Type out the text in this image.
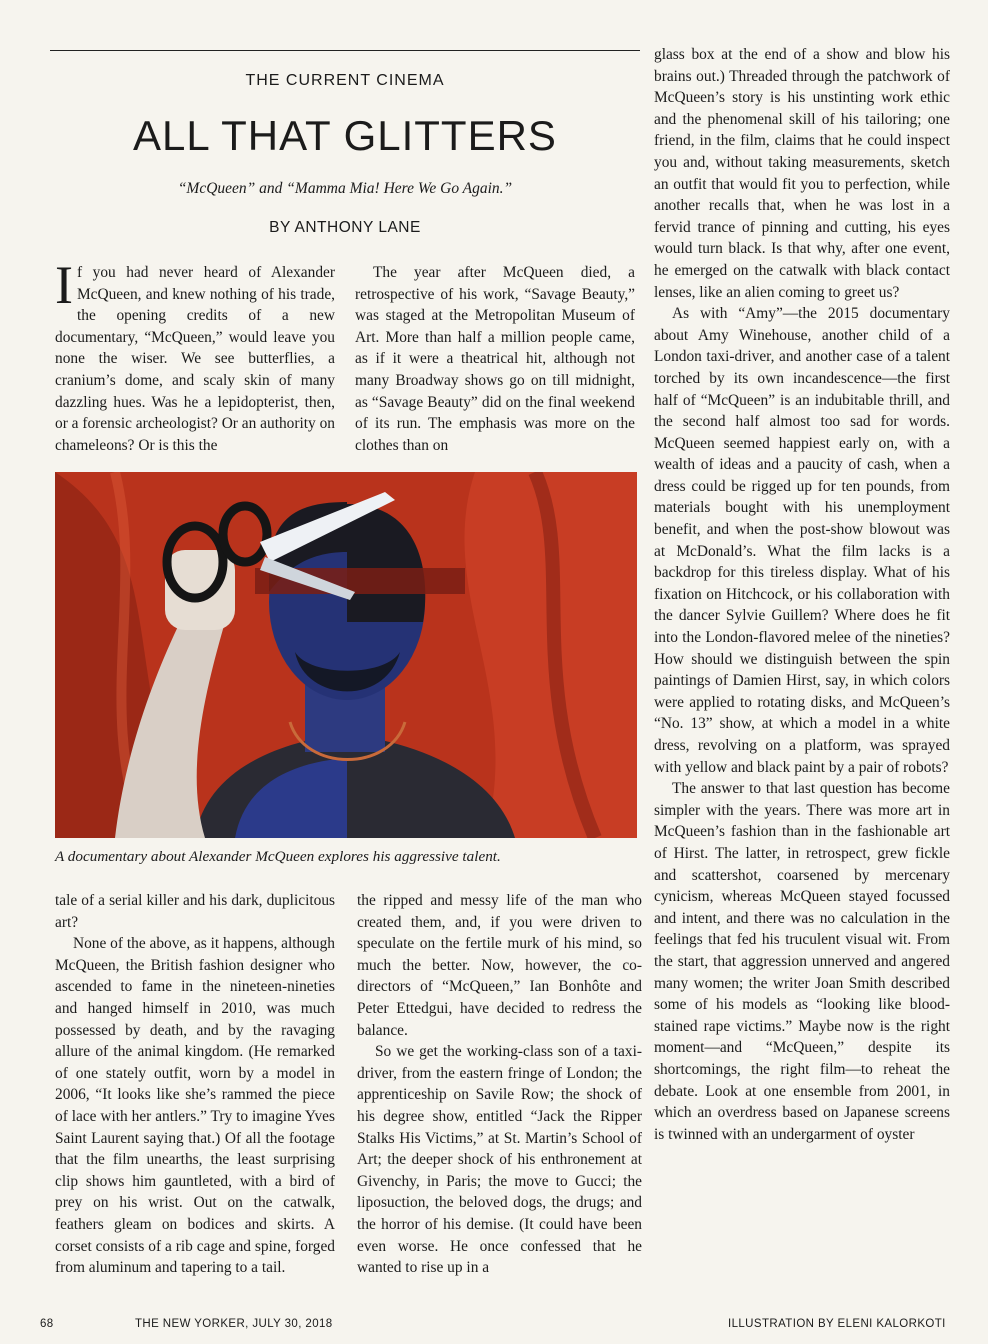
THE CURRENT CINEMA
ALL THAT GLITTERS
“McQueen” and “Mamma Mia! Here We Go Again.”
BY ANTHONY LANE

If you had never heard of Alexander McQueen, and knew nothing of his trade, the opening credits of a new documentary, “McQueen,” would leave you none the wiser. We see butterflies, a cranium’s dome, and scaly skin of many dazzling hues. Was he a lepidopterist, then, or a forensic archeologist? Or an authority on chameleons? Or is this the

The year after McQueen died, a retrospective of his work, “Savage Beauty,” was staged at the Metropolitan Museum of Art. More than half a million people came, as if it were a theatrical hit, although not many Broadway shows go on till midnight, as “Savage Beauty” did on the final weekend of its run. The emphasis was more on the clothes than on

A documentary about Alexander McQueen explores his aggressive talent.

tale of a serial killer and his dark, duplicitous art?

None of the above, as it happens, although McQueen, the British fashion designer who ascended to fame in the nineteen-nineties and hanged himself in 2010, was much possessed by death, and by the ravaging allure of the animal kingdom. (He remarked of one stately outfit, worn by a model in 2006, “It looks like she’s rammed the piece of lace with her antlers.” Try to imagine Yves Saint Laurent saying that.) Of all the footage that the film unearths, the least surprising clip shows him gauntleted, with a bird of prey on his wrist. Out on the catwalk, feathers gleam on bodices and skirts. A corset consists of a rib cage and spine, forged from aluminum and tapering to a tail.

the ripped and messy life of the man who created them, and, if you were driven to speculate on the fertile murk of his mind, so much the better. Now, however, the co-directors of “McQueen,” Ian Bonhôte and Peter Ettedgui, have decided to redress the balance.

So we get the working-class son of a taxi-driver, from the eastern fringe of London; the apprenticeship on Savile Row; the shock of his degree show, entitled “Jack the Ripper Stalks His Victims,” at St. Martin’s School of Art; the deeper shock of his enthronement at Givenchy, in Paris; the move to Gucci; the liposuction, the beloved dogs, the drugs; and the horror of his demise. (It could have been even worse. He once confessed that he wanted to rise up in a

glass box at the end of a show and blow his brains out.) Threaded through the patchwork of McQueen’s story is his unstinting work ethic and the phenomenal skill of his tailoring; one friend, in the film, claims that he could inspect you and, without taking measurements, sketch an outfit that would fit you to perfection, while another recalls that, when he was lost in a fervid trance of pinning and cutting, his eyes would turn black. Is that why, after one event, he emerged on the catwalk with black contact lenses, like an alien coming to greet us?

As with “Amy”—the 2015 documentary about Amy Winehouse, another child of a London taxi-driver, and another case of a talent torched by its own incandescence—the first half of “McQueen” is an indubitable thrill, and the second half almost too sad for words. McQueen seemed happiest early on, with a wealth of ideas and a paucity of cash, when a dress could be rigged up for ten pounds, from materials bought with his unemployment benefit, and when the post-show blowout was at McDonald’s. What the film lacks is a backdrop for this tireless display. What of his fixation on Hitchcock, or his collaboration with the dancer Sylvie Guillem? Where does he fit into the London-flavored melee of the nineties? How should we distinguish between the spin paintings of Damien Hirst, say, in which colors were applied to rotating disks, and McQueen’s “No. 13” show, at which a model in a white dress, revolving on a platform, was sprayed with yellow and black paint by a pair of robots?

The answer to that last question has become simpler with the years. There was more art in McQueen’s fashion than in the fashionable art of Hirst. The latter, in retrospect, grew fickle and scattershot, coarsened by mercenary cynicism, whereas McQueen stayed focussed and intent, and there was no calculation in the feelings that fed his truculent visual wit. From the start, that aggression unnerved and angered many women; the writer Joan Smith described some of his models as “looking like blood-stained rape victims.” Maybe now is the right moment—and “McQueen,” despite its shortcomings, the right film—to reheat the debate. Look at one ensemble from 2001, in which an overdress based on Japanese screens is twinned with an undergarment of oyster

68	THE NEW YORKER, JULY 30, 2018	ILLUSTRATION BY ELENI KALORKOTI
